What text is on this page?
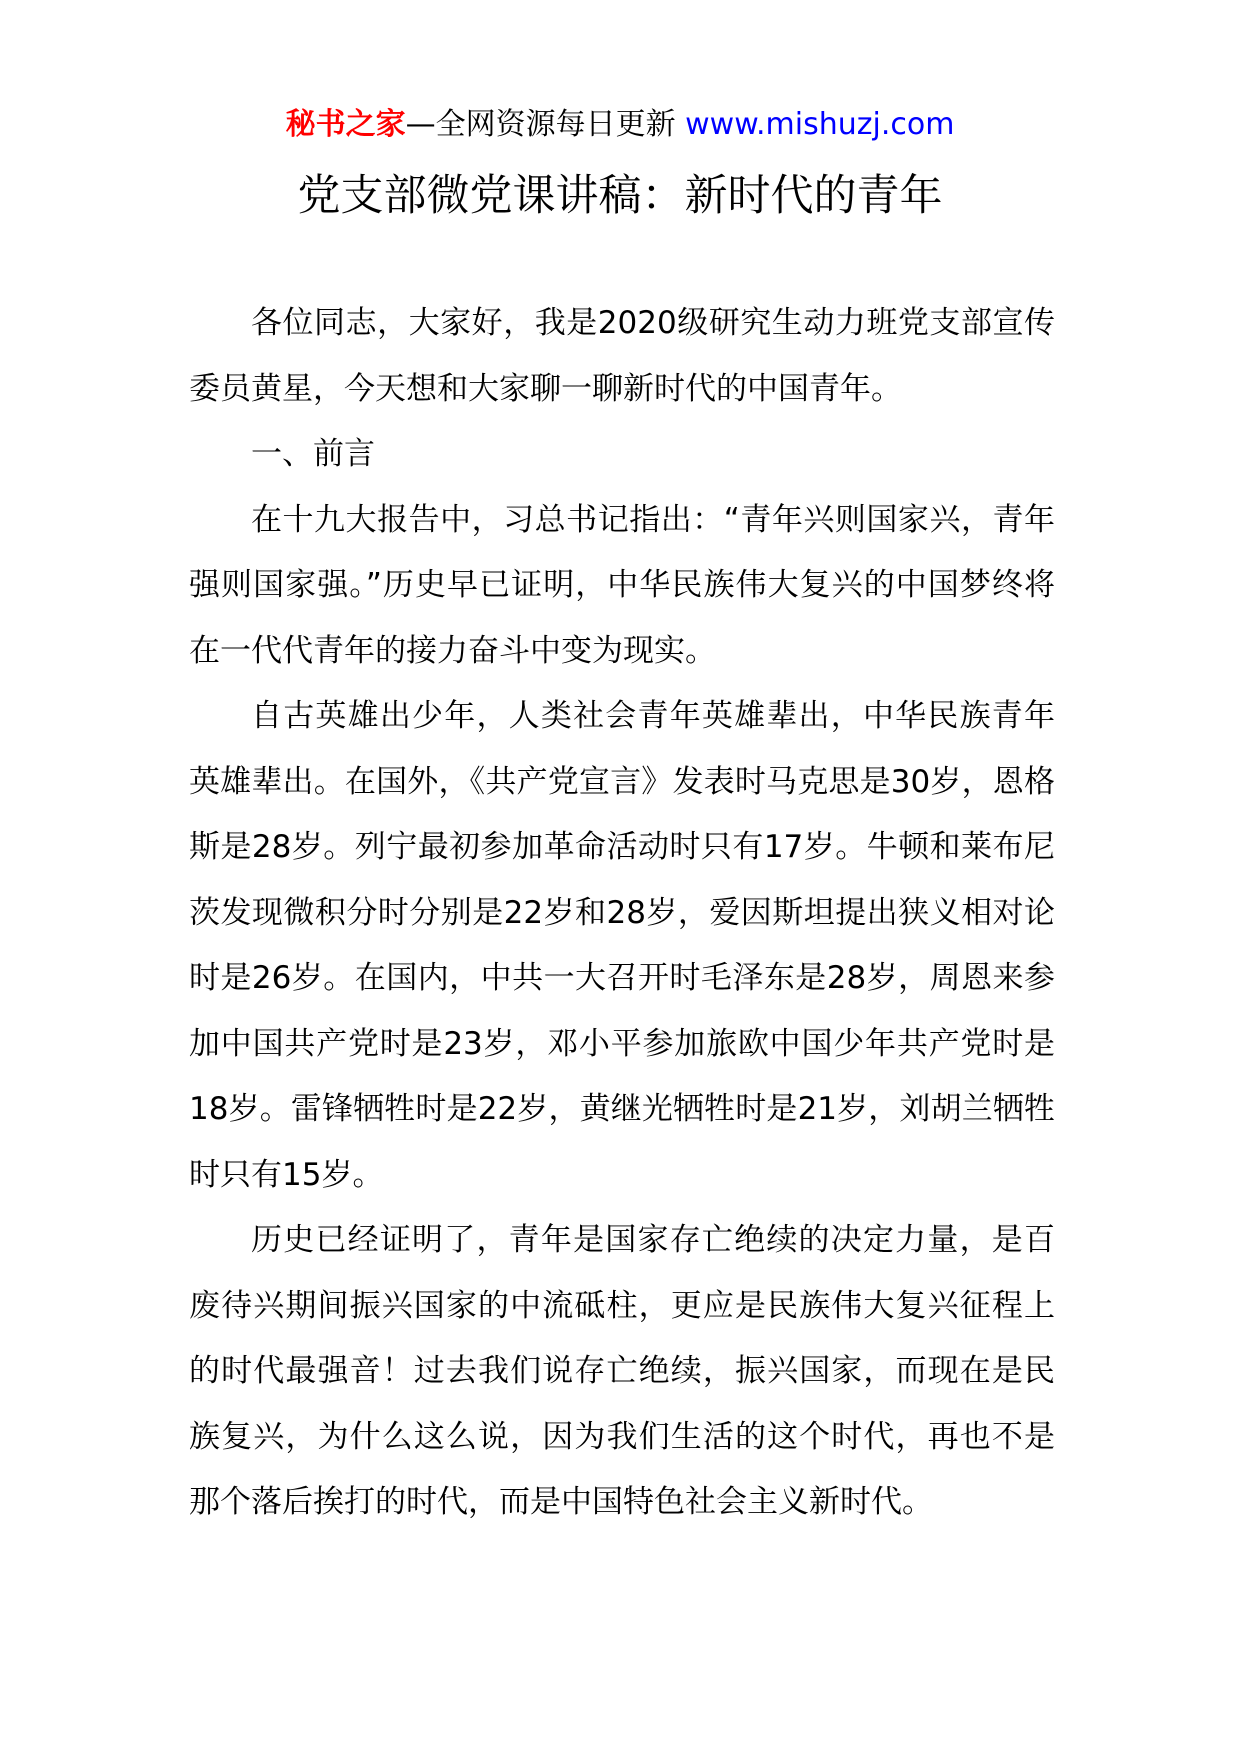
秘书之家—全网资源每日更新 www.mishuzj.com
党支部微党课讲稿：新时代的青年

各位同志，大家好，我是2020级研究生动力班党支部宣传委员黄星，今天想和大家聊一聊新时代的中国青年。

一、前言

在十九大报告中，习总书记指出：“青年兴则国家兴，青年强则国家强。”历史早已证明，中华民族伟大复兴的中国梦终将在一代代青年的接力奋斗中变为现实。

自古英雄出少年，人类社会青年英雄辈出，中华民族青年英雄辈出。在国外，《共产党宣言》发表时马克思是30岁，恩格斯是28岁。列宁最初参加革命活动时只有17岁。牛顿和莱布尼茨发现微积分时分别是22岁和28岁，爱因斯坦提出狭义相对论时是26岁。在国内，中共一大召开时毛泽东是28岁，周恩来参加中国共产党时是23岁，邓小平参加旅欧中国少年共产党时是18岁。雷锋牺牲时是22岁，黄继光牺牲时是21岁，刘胡兰牺牲时只有15岁。

历史已经证明了，青年是国家存亡绝续的决定力量，是百废待兴期间振兴国家的中流砥柱，更应是民族伟大复兴征程上的时代最强音！过去我们说存亡绝续，振兴国家，而现在是民族复兴，为什么这么说，因为我们生活的这个时代，再也不是那个落后挨打的时代，而是中国特色社会主义新时代。
